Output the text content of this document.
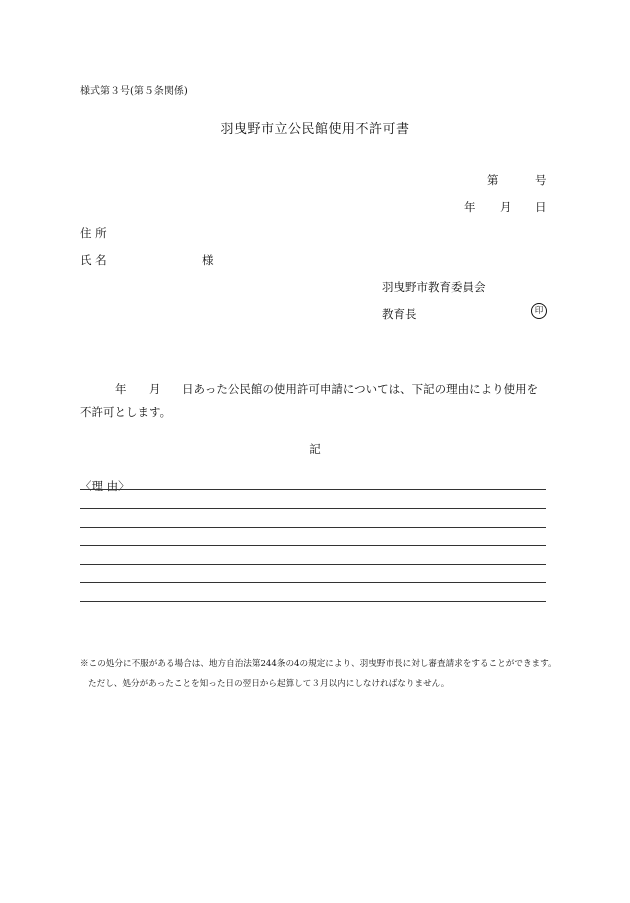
様式第３号(第５条関係)
羽曳野市立公民館使用不許可書
第	号
年 月 日
住 所
氏 名	様
羽曳野市教育委員会
教育長	印
年 月 日あった公民館の使用許可申請については、下記の理由により使用を
不許可とします。
記
〈理 由〉
※この処分に不服がある場合は、地方自治法第244条の4の規定により、羽曳野市長に対し審査請求をすることができます。
ただし、処分があったことを知った日の翌日から起算して３月以内にしなければなりません。
